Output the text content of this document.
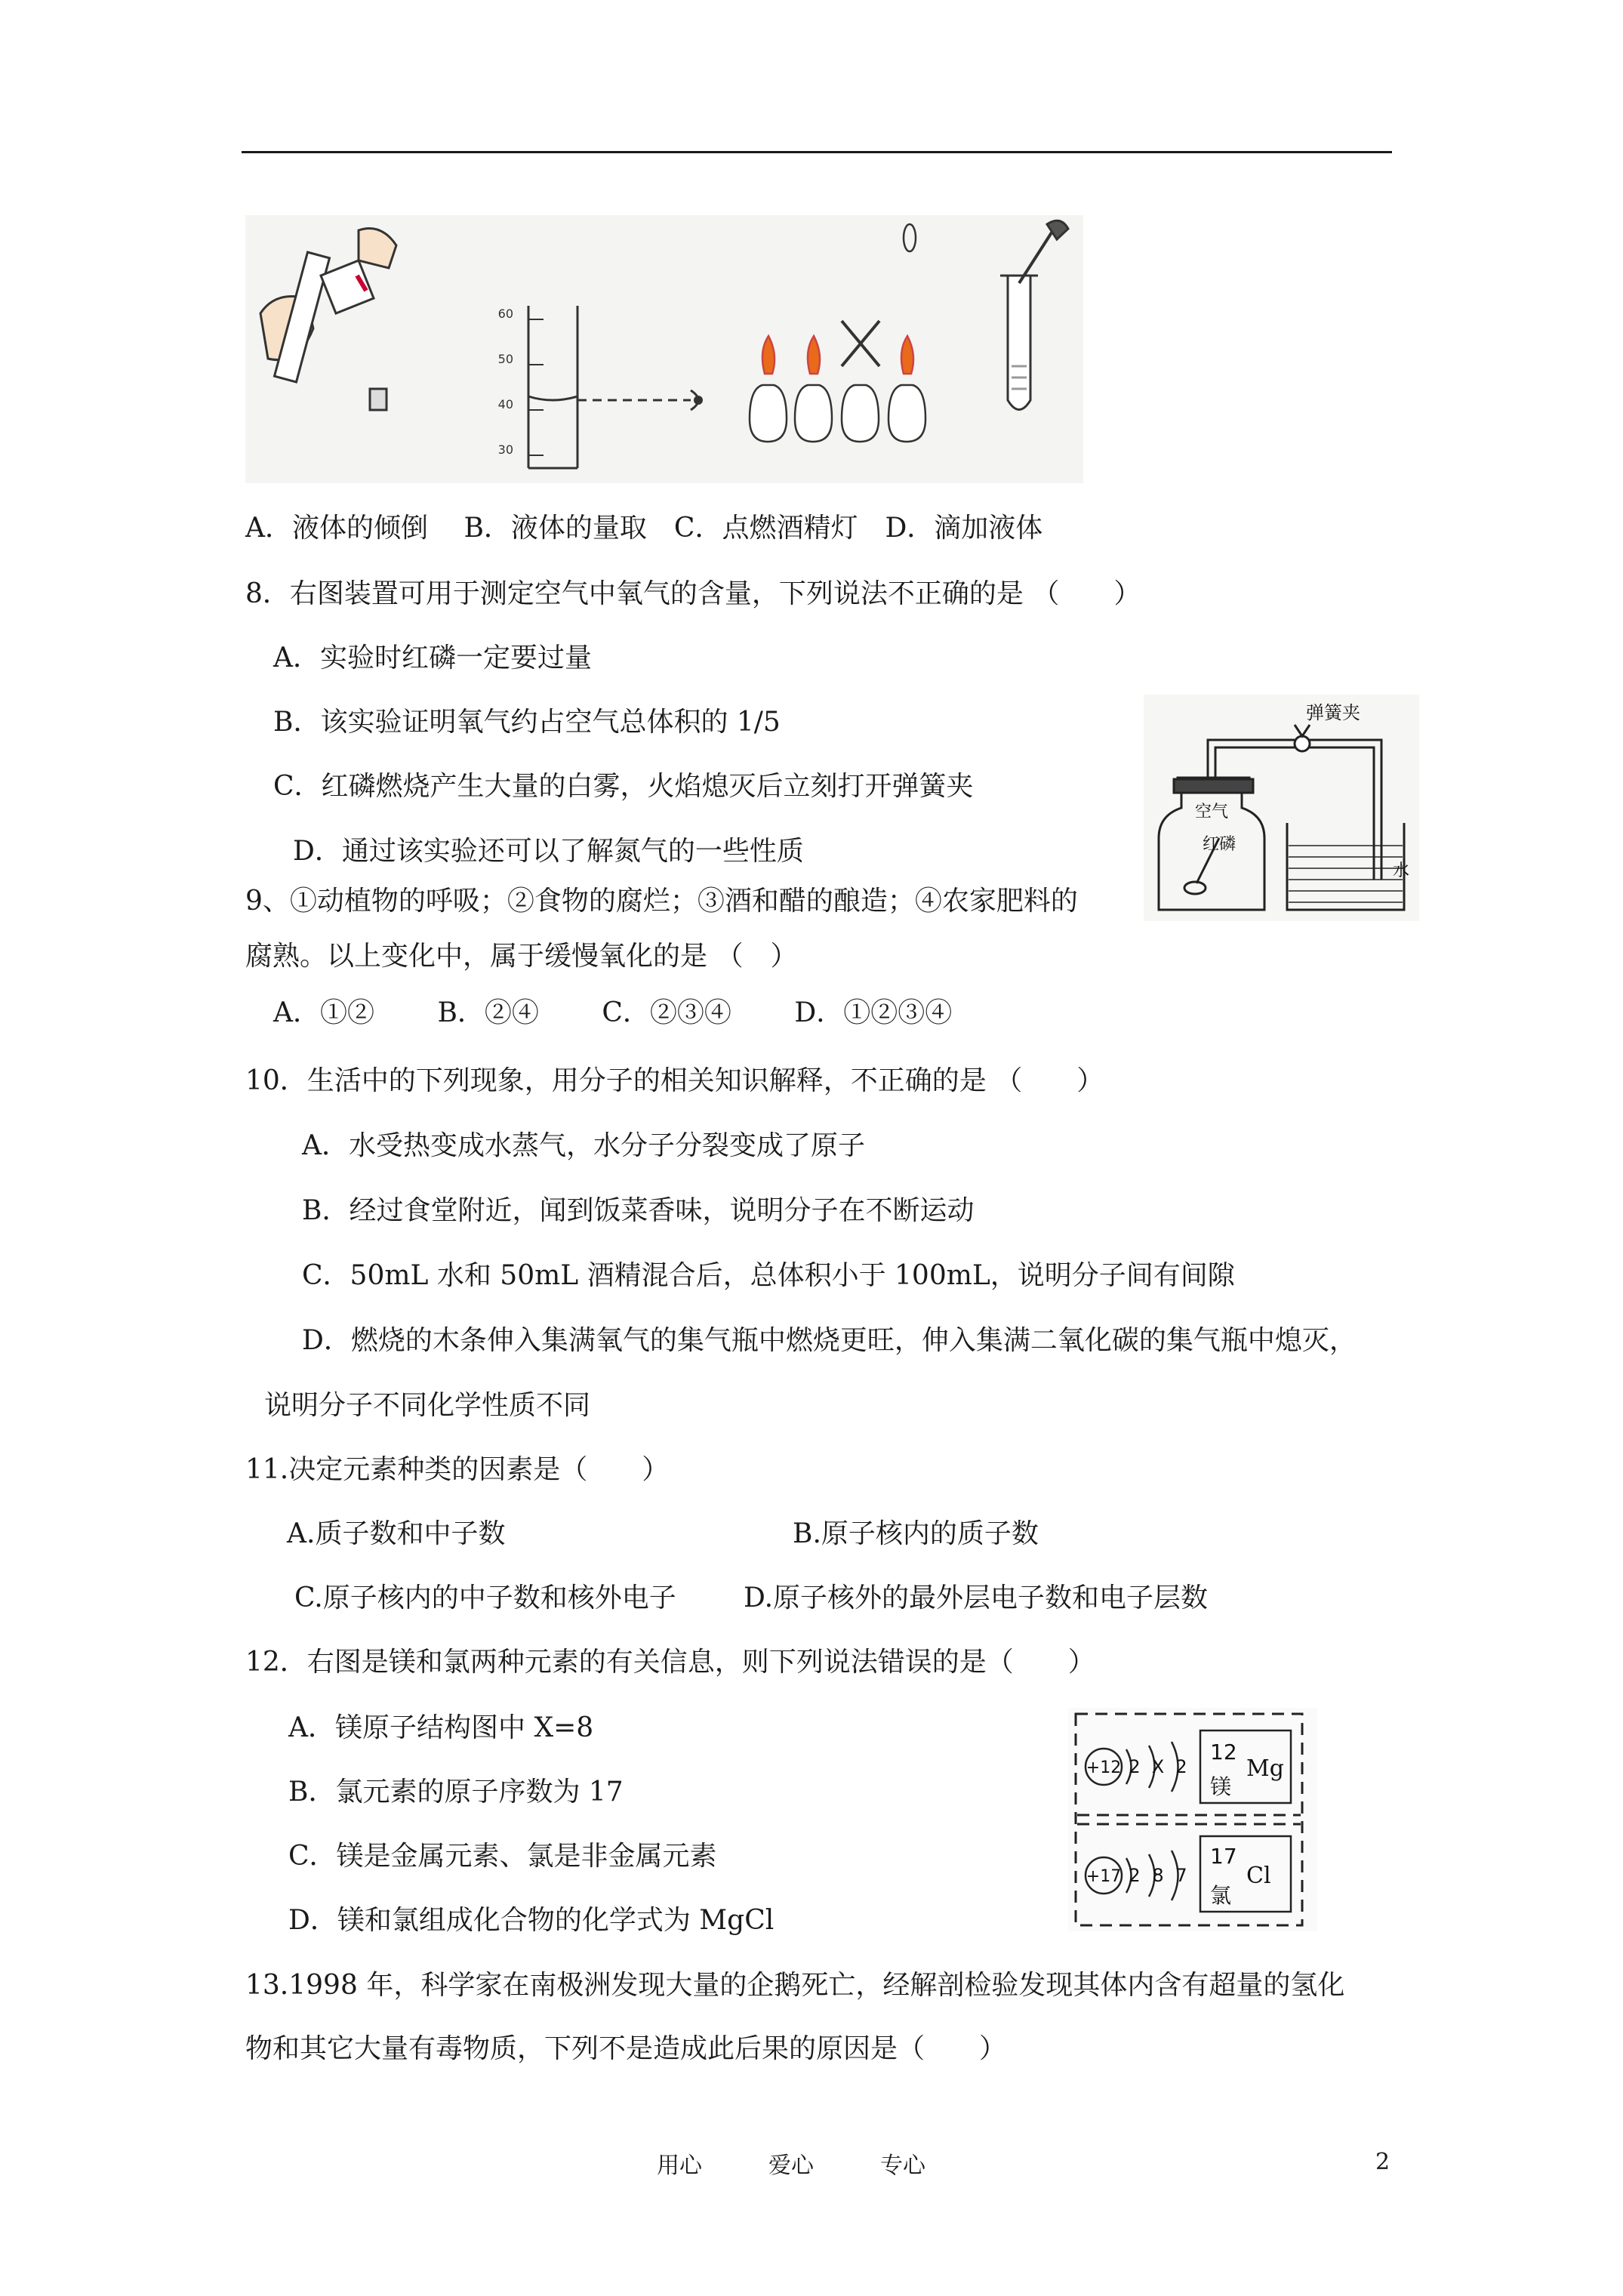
60
50
40
30
A．液体的倾倒　 B．液体的量取　C．点燃酒精灯　D．滴加液体
8．右图装置可用于测定空气中氧气的含量，下列说法不正确的是 （　　）
A．实验时红磷一定要过量
B．该实验证明氧气约占空气总体积的 1/5
C．红磷燃烧产生大量的白雾，火焰熄灭后立刻打开弹簧夹
D．通过该实验还可以了解氮气的一些性质
弹簧夹
空气
红磷
水
9、①动植物的呼吸；②食物的腐烂；③酒和醋的酿造；④农家肥料的
腐熟。以上变化中，属于缓慢氧化的是 （　）
A．①②　　 B．②④　　 C．②③④　　 D．①②③④
10．生活中的下列现象，用分子的相关知识解释，不正确的是 （　　）
A．水受热变成水蒸气，水分子分裂变成了原子
B．经过食堂附近，闻到饭菜香味，说明分子在不断运动
C．50mL 水和 50mL 酒精混合后，总体积小于 100mL，说明分子间有间隙
D．燃烧的木条伸入集满氧气的集气瓶中燃烧更旺，伸入集满二氧化碳的集气瓶中熄灭，
说明分子不同化学性质不同
11.决定元素种类的因素是（　　）
A.质子数和中子数	B.原子核内的质子数
C.原子核内的中子数和核外电子 D.原子核外的最外层电子数和电子层数
12．右图是镁和氯两种元素的有关信息，则下列说法错误的是（　　）
A．镁原子结构图中 X=8
B．氯元素的原子序数为 17
C．镁是金属元素、氯是非金属元素
D．镁和氯组成化合物的化学式为 MgCl
+12 2 X 2
12
Mg
镁
+17 2 8 7
17
Cl
氯
13.1998 年，科学家在南极洲发现大量的企鹅死亡，经解剖检验发现其体内含有超量的氢化
物和其它大量有毒物质，下列不是造成此后果的原因是（　　）
用心	爱心	专心	2
